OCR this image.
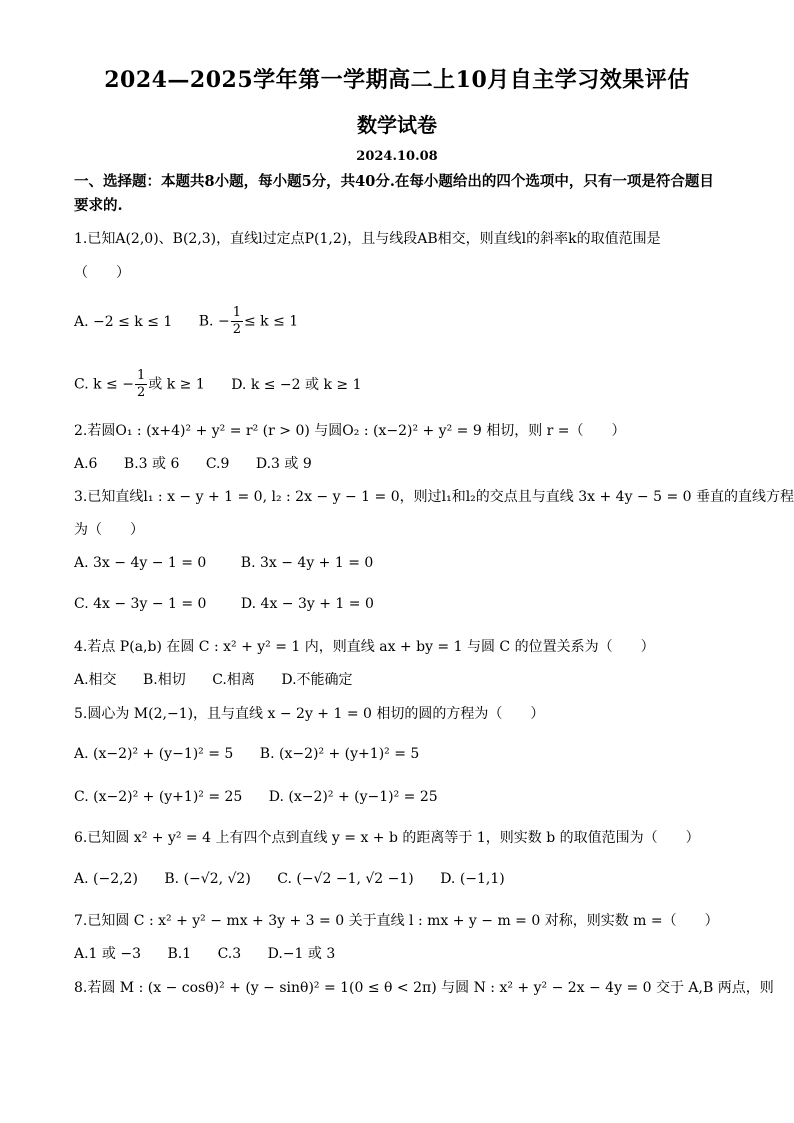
2024—2025学年第一学期高二上10月自主学习效果评估
数学试卷
2024.10.08
一、选择题：本题共8小题，每小题5分，共40分.在每小题给出的四个选项中，只有一项是符合题目要求的.
1.已知A(2,0)、B(2,3)，直线l过定点P(1,2)，且与线段AB相交，则直线l的斜率k的取值范围是
（　　）
A. −2 ≤ k ≤ 1 B. − $\frac{1}{2} \le k \le 1$
C. k ≤ − $\frac{1}{2}$ 或 k ≥ 1 D. k ≤ −2 或 k ≥ 1
2.若圆O₁ : (x+4)² + y² = r² (r > 0) 与圆O₂ : (x−2)² + y² = 9 相切，则 r =（　　）
A.6 B.3 或 6 C.9 D.3 或 9
3.已知直线l₁ : x − y + 1 = 0, l₂ : 2x − y − 1 = 0，则过l₁和l₂的交点且与直线 3x + 4y − 5 = 0 垂直的直线方程
为（　　）
A. 3x − 4y − 1 = 0 B. 3x − 4y + 1 = 0
C. 4x − 3y − 1 = 0 D. 4x − 3y + 1 = 0
4.若点 P(a,b) 在圆 C : x² + y² = 1 内，则直线 ax + by = 1 与圆 C 的位置关系为（　　）
A.相交 B.相切 C.相离 D.不能确定
5.圆心为 M(2,−1)，且与直线 x − 2y + 1 = 0 相切的圆的方程为（　　）
A. (x−2)² + (y−1)² = 5 B. (x−2)² + (y+1)² = 5
C. (x−2)² + (y+1)² = 25 D. (x−2)² + (y−1)² = 25
6.已知圆 x² + y² = 4 上有四个点到直线 y = x + b 的距离等于 1，则实数 b 的取值范围为（　　）
A. (−2,2) B. (−√2, √2) C. (−√2 −1, √2 −1) D. (−1,1)
7.已知圆 C : x² + y² − mx + 3y + 3 = 0 关于直线 l : mx + y − m = 0 对称，则实数 m =（　　）
A.1 或 −3 B.1 C.3 D.−1 或 3
8.若圆 M : (x − cosθ)² + (y − sinθ)² = 1(0 ≤ θ < 2π) 与圆 N : x² + y² − 2x − 4y = 0 交于 A,B 两点，则
